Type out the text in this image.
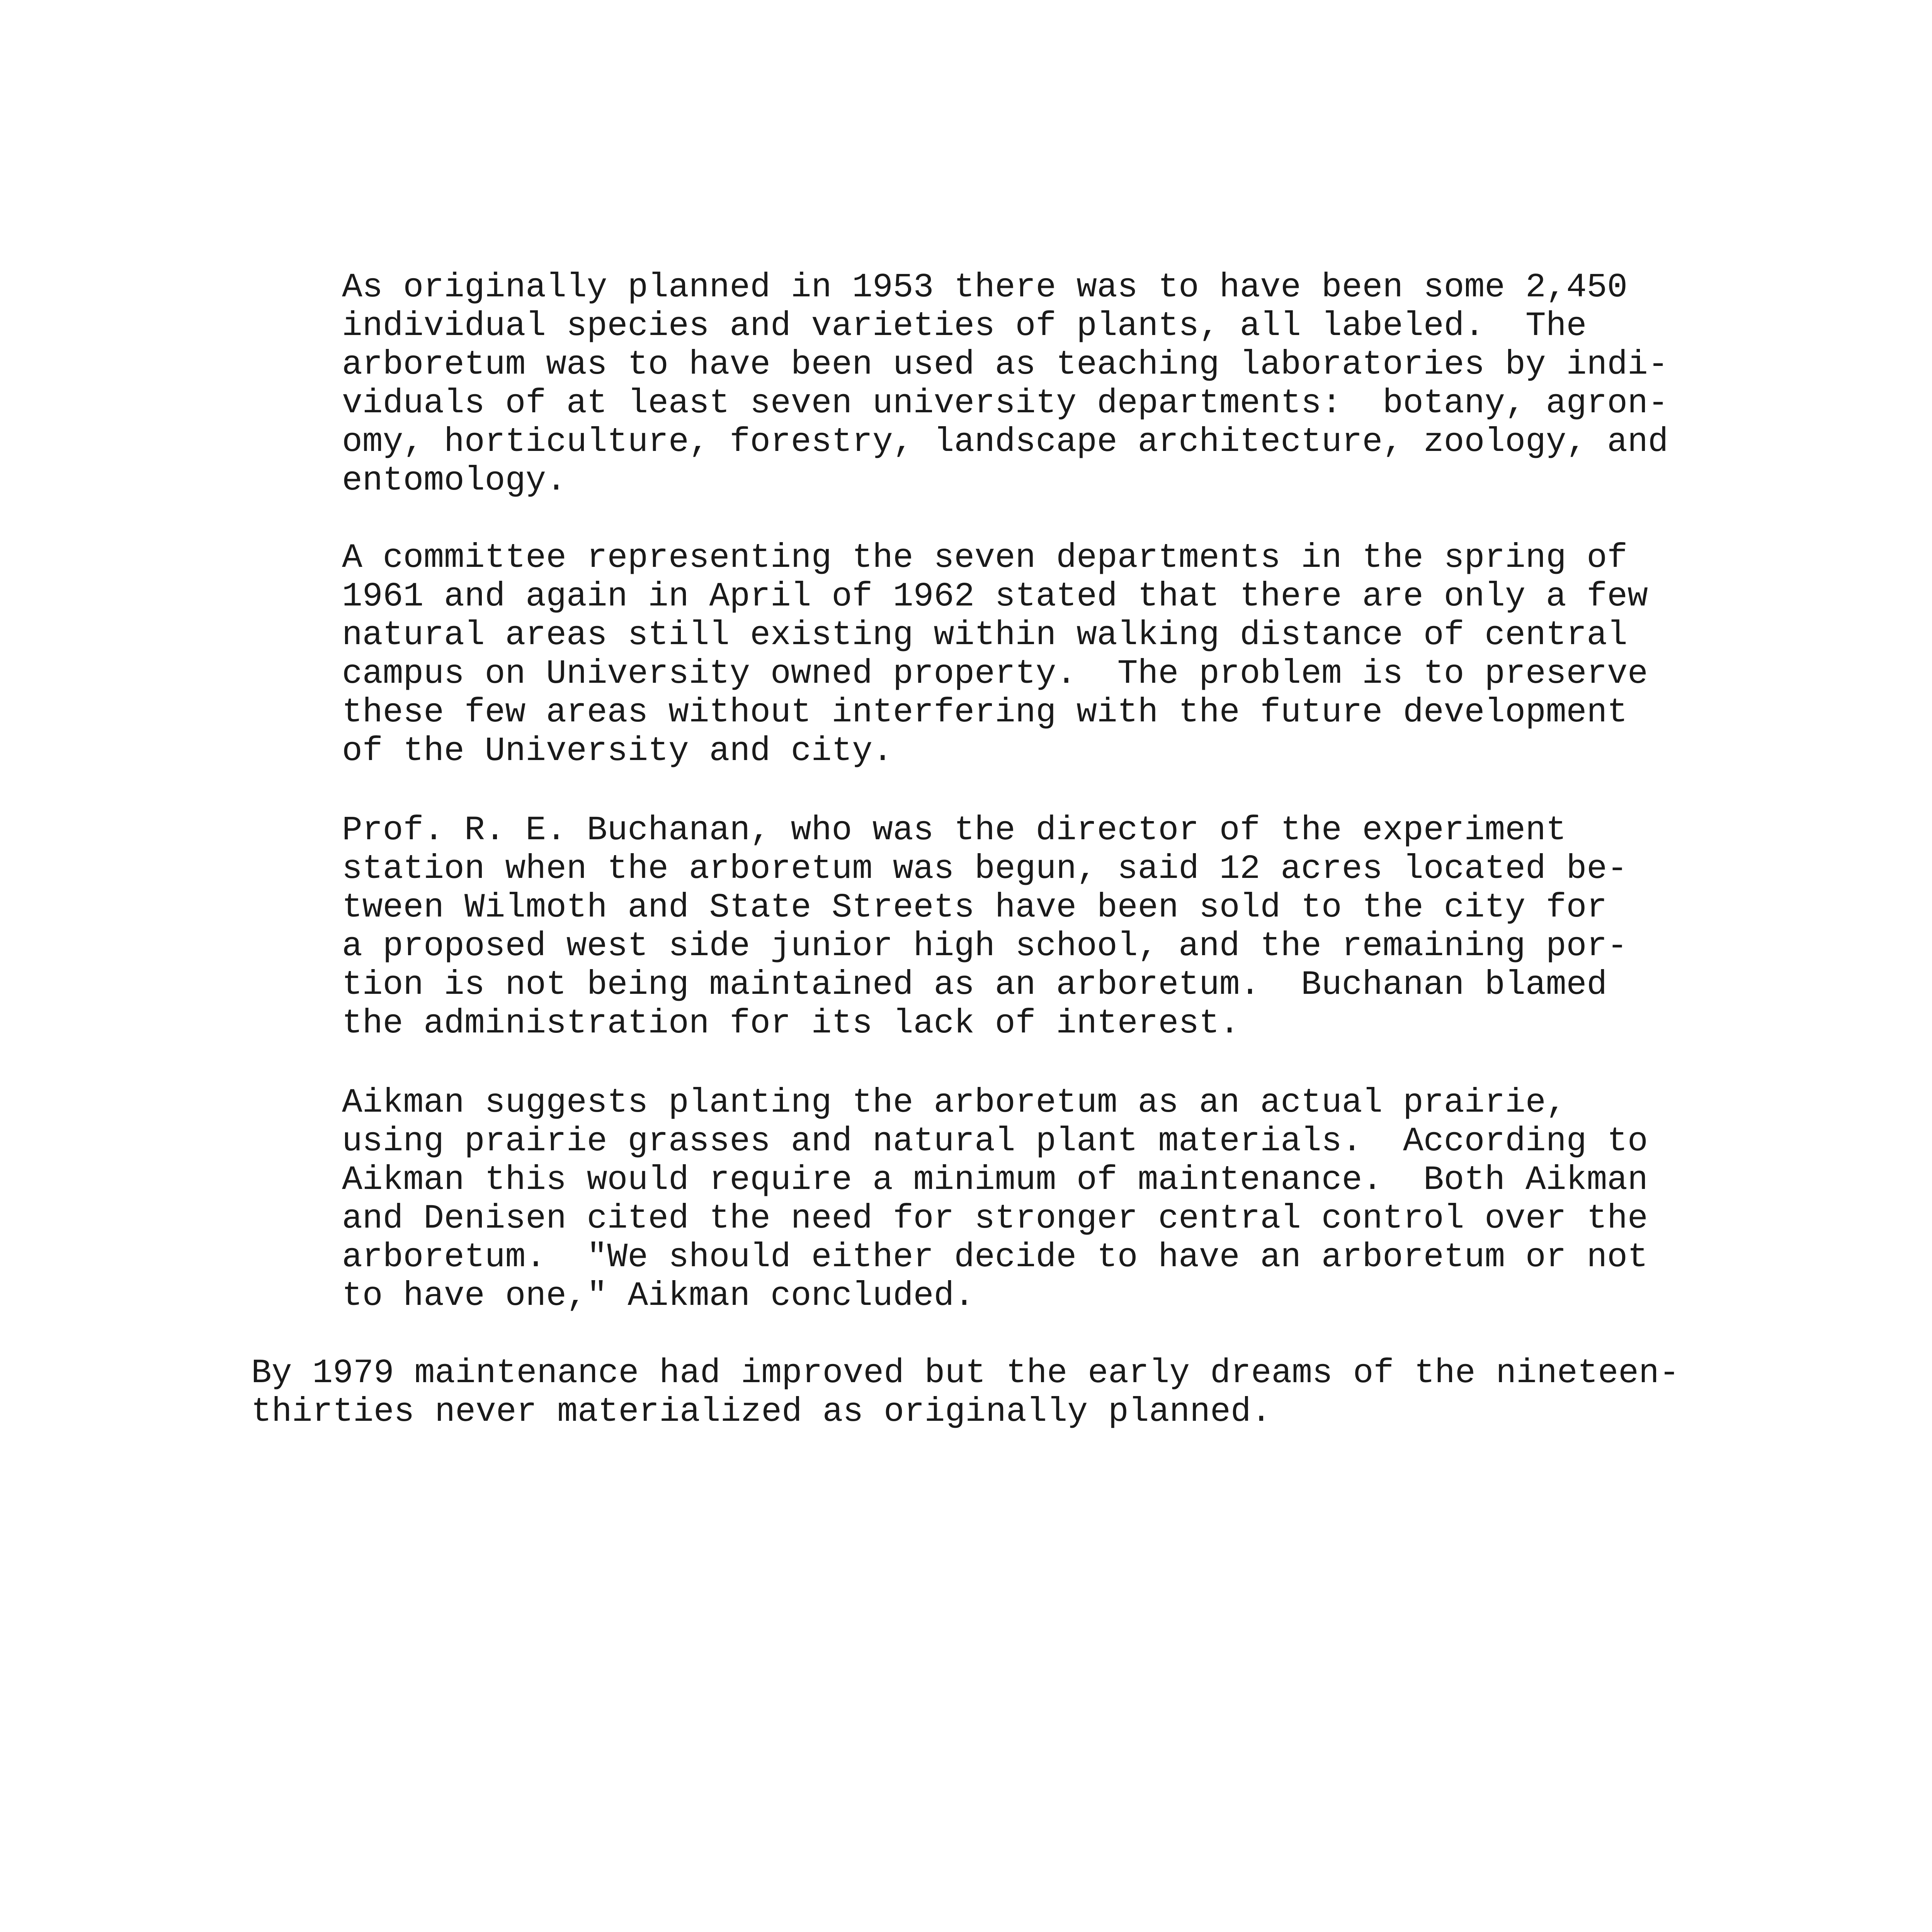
As originally planned in 1953 there was to have been some 2,450
individual species and varieties of plants, all labeled.  The
arboretum was to have been used as teaching laboratories by indi-
viduals of at least seven university departments:  botany, agron-
omy, horticulture, forestry, landscape architecture, zoology, and
entomology.
A committee representing the seven departments in the spring of
1961 and again in April of 1962 stated that there are only a few
natural areas still existing within walking distance of central
campus on University owned property.  The problem is to preserve
these few areas without interfering with the future development
of the University and city.
Prof. R. E. Buchanan, who was the director of the experiment
station when the arboretum was begun, said 12 acres located be-
tween Wilmoth and State Streets have been sold to the city for
a proposed west side junior high school, and the remaining por-
tion is not being maintained as an arboretum.  Buchanan blamed
the administration for its lack of interest.
Aikman suggests planting the arboretum as an actual prairie,
using prairie grasses and natural plant materials.  According to
Aikman this would require a minimum of maintenance.  Both Aikman
and Denisen cited the need for stronger central control over the
arboretum.  "We should either decide to have an arboretum or not
to have one," Aikman concluded.
By 1979 maintenance had improved but the early dreams of the nineteen-
thirties never materialized as originally planned.
